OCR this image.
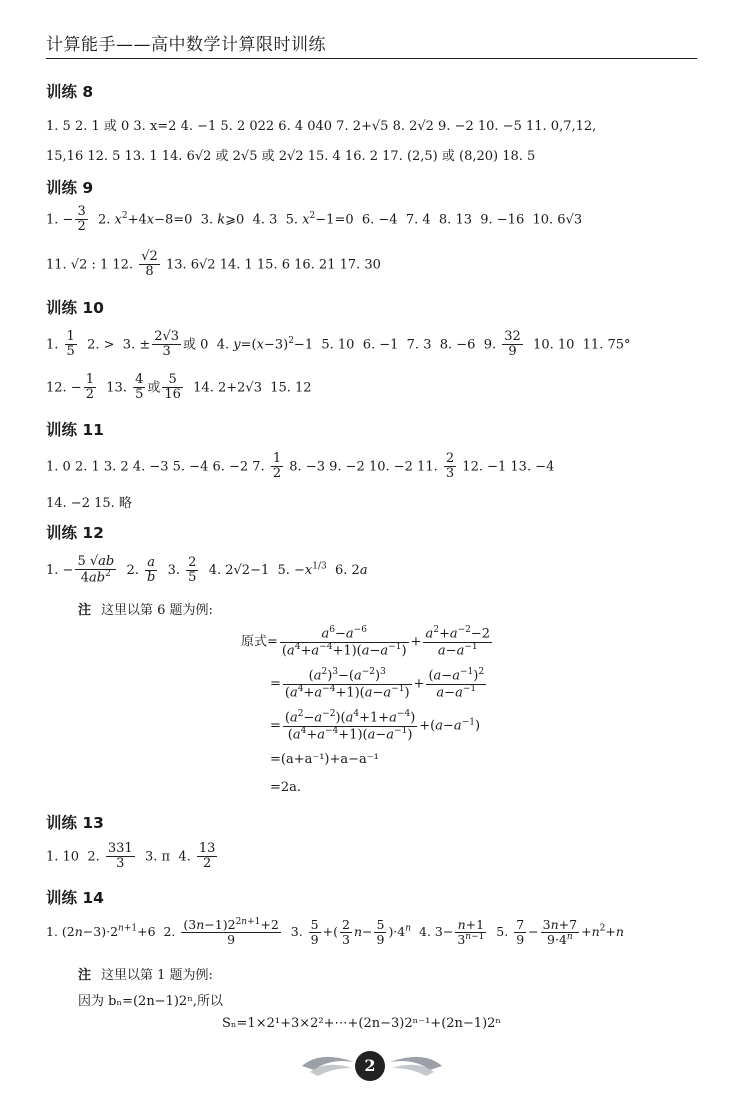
计算能手——高中数学计算限时训练
训练 8
1. 5 2. 1 或 0 3. x=2 4. −1 5. 2 022 6. 4 040 7. 2+√5 8. 2√2 9. −2 10. −5 11. 0,7,12,
15,16 12. 5 13. 1 14. 6√2 或 2√5 或 2√2 15. 4 16. 2 17. (2,5) 或 (8,20) 18. 5
训练 9
1. − $\frac{3}{2} 2$. $x^2+4x-8=0$  3. k⩾0  4. 3  5. $x^2-1=0$  6. −4  7. 4  8. 13  9. −16  10. 6√3
11. √2 : 1 12. $\frac{√2}{8} 13$. 6√2 14. 1 15. 6 16. 21 17. 30
训练 10
1. $\frac{1}{5} 2$. >  3. ± $\frac{2√3}{3}$ 或 0  4. $y=(x-3)^2-1$  5. 10  6. −1  7. 3  8. −6  9. $\frac{32}{9} 10$. 10  11. 75°
12. − $\frac{1}{2} 13$. $\frac{4}{5}$ 或 $\frac{5}{16} 14$. 2+2√3  15. 12
训练 11
1. 0 2. 1 3. 2 4. −3 5. −4 6. −2 7. $\frac{1}{2} 8$. −3 9. −2 10. −2 11. $\frac{2}{3} 12$. −1 13. −4
14. −2 15. 略
训练 12
1. − $\frac{5 √ab}{4ab^2} 2$. $\frac{a}{b} 3$. $\frac{2}{5} 4$. 2√2−1  5. $-x^{1/3}$  6. 2a
注 这里以第 6 题为例:
原式= $\frac{a^6-a^{-6}}{(a^4+a^{-4}+1)(a-a^{-1})} + \frac{a^2+a^{-2}-2}{a-a^{-1}}$
= $\frac{(a^2)^3-(a^{-2})^3}{(a^4+a^{-4}+1)(a-a^{-1})} + \frac{(a-a^{-1})^2}{a-a^{-1}}$
= $\frac{(a^2-a^{-2})(a^4+1+a^{-4})}{(a^4+a^{-4}+1)(a-a^{-1})} +(a-a^{-1})$
=(a+a⁻¹)+a−a⁻¹
=2a.
训练 13
1. 10  2. $\frac{331}{3} 3$. π  4. $\frac{13}{2}$
训练 14
1. $(2n-3)\cdot 2^{n+1}+6$  2. $\frac{(3n-1)2^{2n+1}+2}{9} 3$. $\frac{5}{9}$ +( $\frac{2}{3} n- \frac{5}{9} )\cdot 4^n$  4. $3- \frac{n+1}{3^{n-1}} 5$. $\frac{7}{9} - \frac{3n+7}{9\cdot 4^n} +n^2+n$
注 这里以第 1 题为例:
因为 bₙ=(2n−1)2ⁿ,所以
Sₙ=1×2¹+3×2²+⋯+(2n−3)2ⁿ⁻¹+(2n−1)2ⁿ
2
